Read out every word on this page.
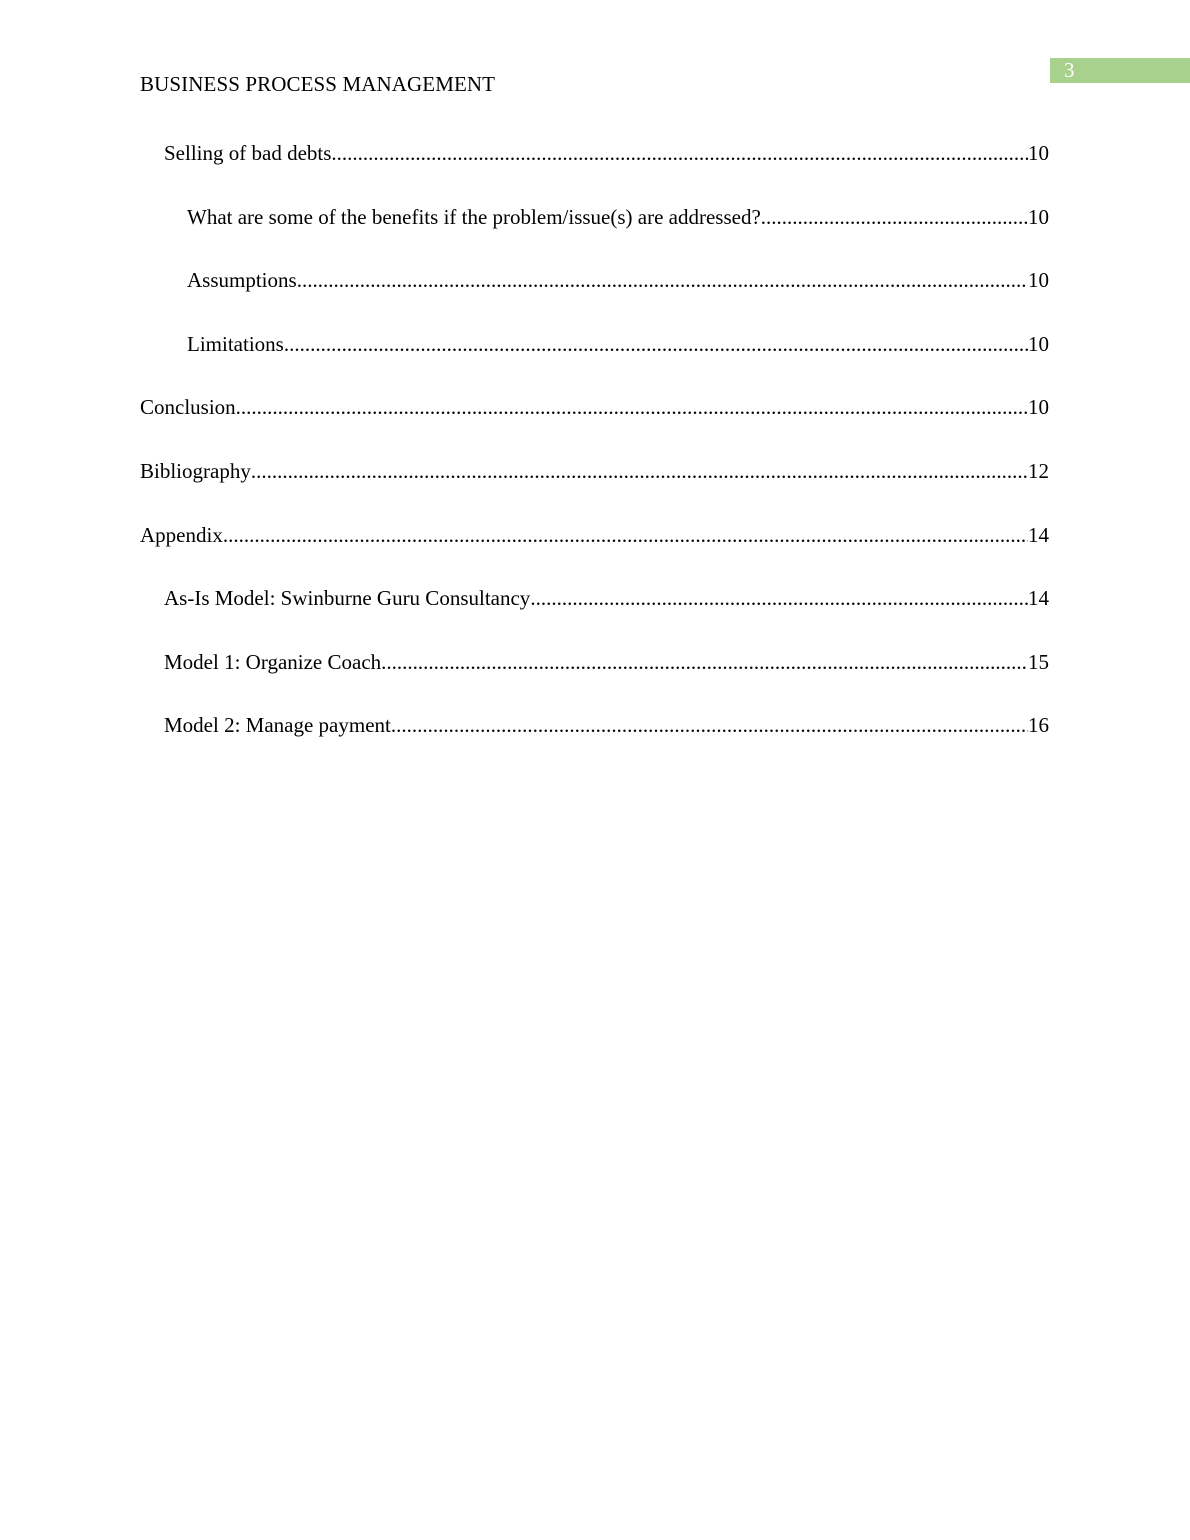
3
BUSINESS PROCESS MANAGEMENT
Selling of bad debts .....	10
What are some of the benefits if the problem/issue(s) are addressed? .....	10
Assumptions .....	10
Limitations .....	10
Conclusion .....	10
Bibliography .....	12
Appendix .....	14
As-Is Model: Swinburne Guru Consultancy .....	14
Model 1: Organize Coach .....	15
Model 2: Manage payment .....	16
